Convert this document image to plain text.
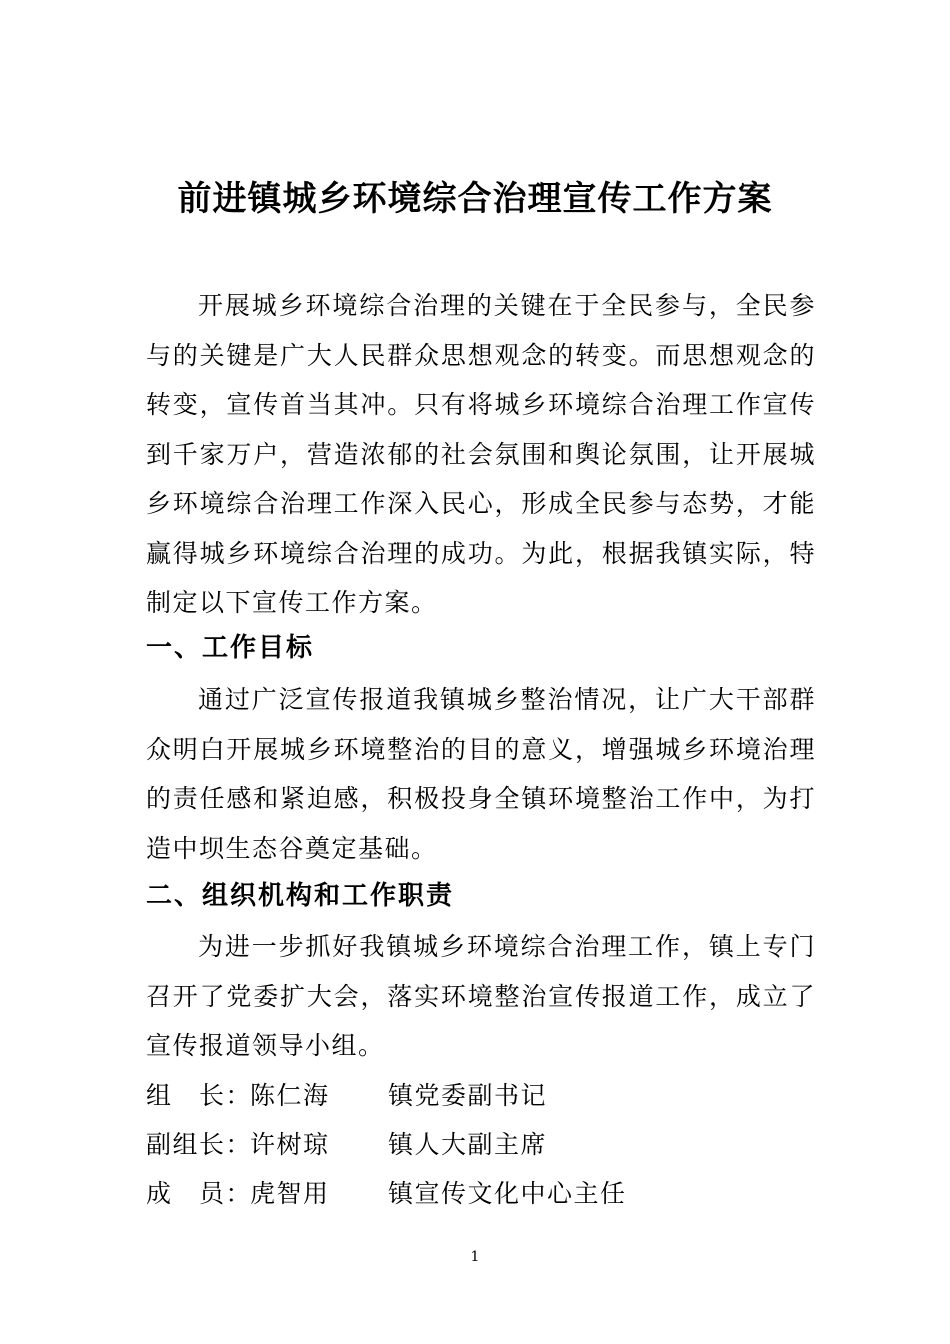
前进镇城乡环境综合治理宣传工作方案

开展城乡环境综合治理的关键在于全民参与，全民参与的关键是广大人民群众思想观念的转变。而思想观念的转变，宣传首当其冲。只有将城乡环境综合治理工作宣传到千家万户，营造浓郁的社会氛围和舆论氛围，让开展城乡环境综合治理工作深入民心，形成全民参与态势，才能赢得城乡环境综合治理的成功。为此，根据我镇实际，特制定以下宣传工作方案。

一、工作目标

通过广泛宣传报道我镇城乡整治情况，让广大干部群众明白开展城乡环境整治的目的意义，增强城乡环境治理的责任感和紧迫感，积极投身全镇环境整治工作中，为打造中坝生态谷奠定基础。

二、组织机构和工作职责

为进一步抓好我镇城乡环境综合治理工作，镇上专门召开了党委扩大会，落实环境整治宣传报道工作，成立了宣传报道领导小组。

组　长：陈仁海 镇党委副书记
副组长：许树琼 镇人大副主席
成　员：虎智用 镇宣传文化中心主任
1
